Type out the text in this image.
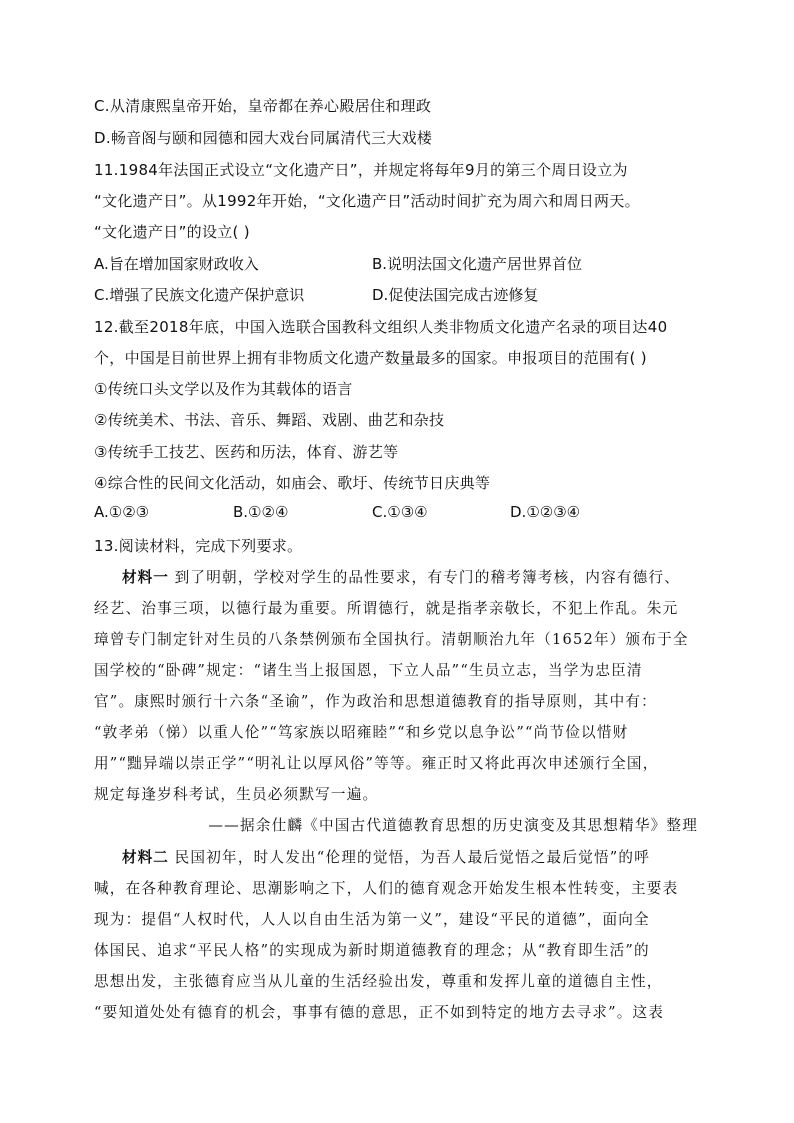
C.从清康熙皇帝开始，皇帝都在养心殿居住和理政
D.畅音阁与颐和园德和园大戏台同属清代三大戏楼
11.1984年法国正式设立“文化遗产日”，并规定将每年9月的第三个周日设立为
“文化遗产日”。从1992年开始，“文化遗产日”活动时间扩充为周六和周日两天。
“文化遗产日”的设立( )
A.旨在增加国家财政收入	B.说明法国文化遗产居世界首位
C.增强了民族文化遗产保护意识	D.促使法国完成古迹修复
12.截至2018年底，中国入选联合国教科文组织人类非物质文化遗产名录的项目达40
个，中国是目前世界上拥有非物质文化遗产数量最多的国家。申报项目的范围有( )
①传统口头文学以及作为其载体的语言
②传统美术、书法、音乐、舞蹈、戏剧、曲艺和杂技
③传统手工技艺、医药和历法，体育、游艺等
④综合性的民间文化活动，如庙会、歌圩、传统节日庆典等
A.①②③	B.①②④	C.①③④	D.①②③④
13.阅读材料，完成下列要求。
材料一 到了明朝，学校对学生的品性要求，有专门的稽考簿考核，内容有德行、
经艺、治事三项，以德行最为重要。所谓德行，就是指孝亲敬长，不犯上作乱。朱元
璋曾专门制定针对生员的八条禁例颁布全国执行。清朝顺治九年（1652年）颁布于全
国学校的“卧碑”规定：“诸生当上报国恩，下立人品”“生员立志，当学为忠臣清
官”。康熙时颁行十六条“圣谕”，作为政治和思想道德教育的指导原则，其中有：
“敦孝弟（悌）以重人伦”“笃家族以昭雍睦”“和乡党以息争讼”“尚节俭以惜财
用”“黜异端以崇正学”“明礼让以厚风俗”等等。雍正时又将此再次申述颁行全国，
规定每逢岁科考试，生员必须默写一遍。
——据余仕麟《中国古代道德教育思想的历史演变及其思想精华》整理
材料二 民国初年，时人发出“伦理的觉悟，为吾人最后觉悟之最后觉悟”的呼
喊，在各种教育理论、思潮影响之下，人们的德育观念开始发生根本性转变，主要表
现为：提倡“人权时代，人人以自由生活为第一义”，建设“平民的道德”，面向全
体国民、追求“平民人格”的实现成为新时期道德教育的理念；从“教育即生活”的
思想出发，主张德育应当从儿童的生活经验出发，尊重和发挥儿童的道德自主性，
“要知道处处有德育的机会，事事有德的意思，正不如到特定的地方去寻求”。这表
